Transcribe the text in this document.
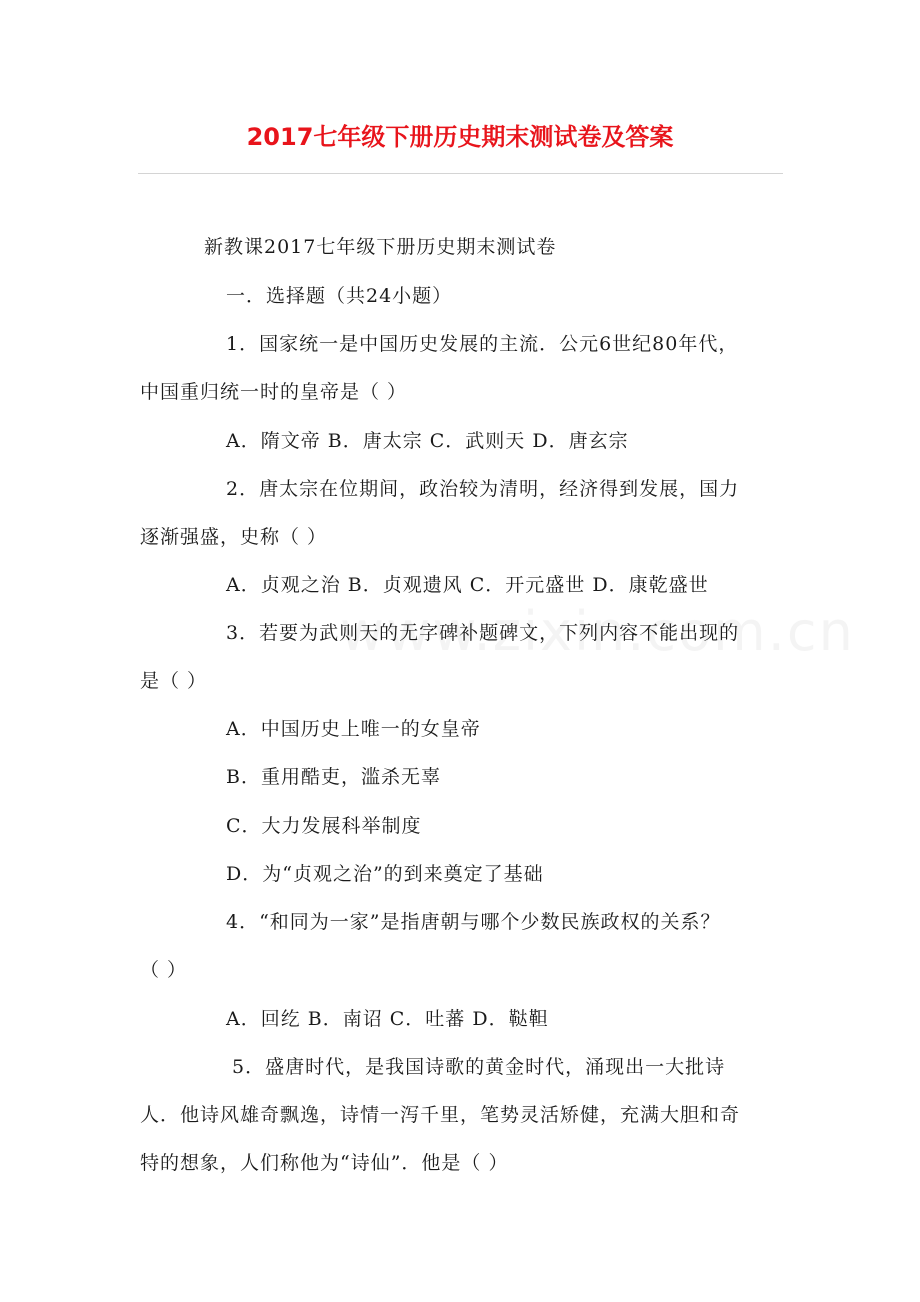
2017七年级下册历史期末测试卷及答案
新教课2017七年级下册历史期末测试卷
一．选择题（共24小题）
1．国家统一是中国历史发展的主流．公元6世纪80年代，
中国重归统一时的皇帝是（ ）
A．隋文帝 B．唐太宗 C．武则天 D．唐玄宗
2．唐太宗在位期间，政治较为清明，经济得到发展，国力
逐渐强盛，史称（ ）
A．贞观之治 B．贞观遗风 C．开元盛世 D．康乾盛世
3．若要为武则天的无字碑补题碑文，下列内容不能出现的
是（ ）
A．中国历史上唯一的女皇帝
B．重用酷吏，滥杀无辜
C．大力发展科举制度
D．为“贞观之治”的到来奠定了基础
4．“和同为一家”是指唐朝与哪个少数民族政权的关系？
（ ）
A．回纥 B．南诏 C．吐蕃 D．鞑靼
5．盛唐时代，是我国诗歌的黄金时代，涌现出一大批诗
人．他诗风雄奇飘逸，诗情一泻千里，笔势灵活矫健，充满大胆和奇
特的想象，人们称他为“诗仙”．他是（ ）
